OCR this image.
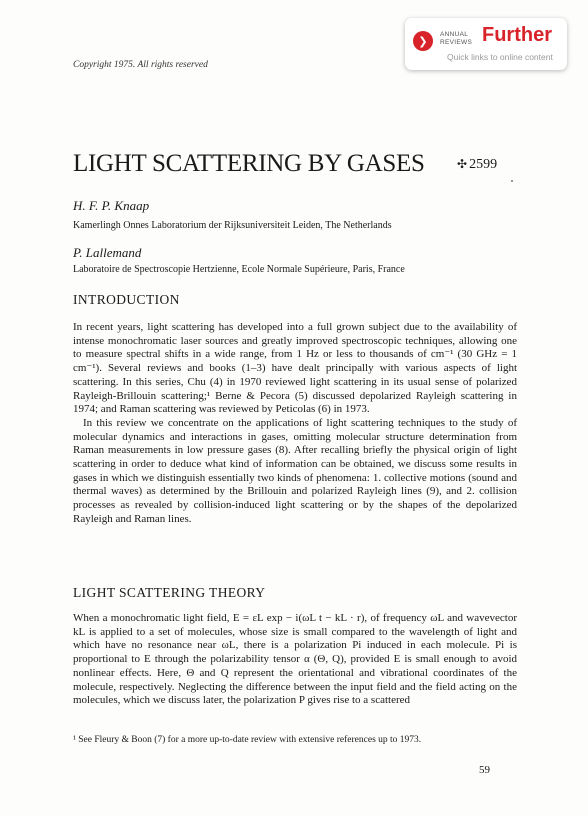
Copyright 1975. All rights reserved
❯	ANNUAL
REVIEWS Further
Quick links to online content
LIGHT SCATTERING BY GASES	✣ 2599
H. F. P. Knaap
Kamerlingh Onnes Laboratorium der Rijksuniversiteit Leiden, The Netherlands
P. Lallemand
Laboratoire de Spectroscopie Hertzienne, Ecole Normale Supérieure, Paris, France
INTRODUCTION

In recent years, light scattering has developed into a full grown subject due to the availability of intense monochromatic laser sources and greatly improved spectroscopic techniques, allowing one to measure spectral shifts in a wide range, from 1 Hz or less to thousands of cm⁻¹ (30 GHz = 1 cm⁻¹). Several reviews and books (1–3) have dealt principally with various aspects of light scattering. In this series, Chu (4) in 1970 reviewed light scattering in its usual sense of polarized Rayleigh-Brillouin scattering;¹ Berne & Pecora (5) discussed depolarized Rayleigh scattering in 1974; and Raman scattering was reviewed by Peticolas (6) in 1973.

In this review we concentrate on the applications of light scattering techniques to the study of molecular dynamics and interactions in gases, omitting molecular structure determination from Raman measurements in low pressure gases (8). After recalling briefly the physical origin of light scattering in order to deduce what kind of information can be obtained, we discuss some results in gases in which we distinguish essentially two kinds of phenomena: 1. collective motions (sound and thermal waves) as determined by the Brillouin and polarized Rayleigh lines (9), and 2. collision processes as revealed by collision-induced light scattering or by the shapes of the depolarized Rayleigh and Raman lines.

LIGHT SCATTERING THEORY

When a monochromatic light field, E = εL exp − i(ωL t − kL · r), of frequency ωL and wavevector kL is applied to a set of molecules, whose size is small compared to the wavelength of light and which have no resonance near ωL, there is a polarization Pi induced in each molecule. Pi is proportional to E through the polarizability tensor α (Θ, Q), provided E is small enough to avoid nonlinear effects. Here, Θ and Q represent the orientational and vibrational coordinates of the molecule, respectively. Neglecting the difference between the input field and the field acting on the molecules, which we discuss later, the polarization P gives rise to a scattered

¹ See Fleury & Boon (7) for a more up-to-date review with extensive references up to 1973.
59
